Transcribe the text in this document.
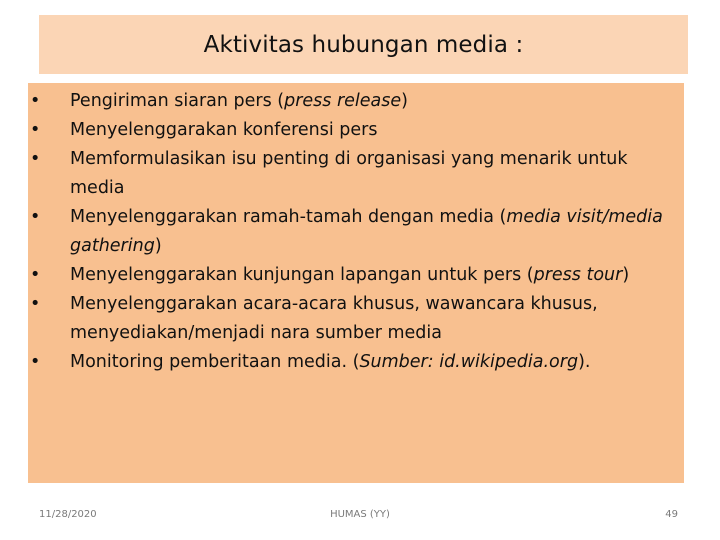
Aktivitas hubungan media :
•	Pengiriman siaran pers (press release)
•	Menyelenggarakan konferensi pers
•	Memformulasikan isu penting di organisasi yang menarik untuk media
•	Menyelenggarakan ramah-tamah dengan media (media visit/media gathering)
•	Menyelenggarakan kunjungan lapangan untuk pers (press tour)
•	Menyelenggarakan acara-acara khusus, wawancara khusus, menyediakan/menjadi nara sumber media
•	Monitoring pemberitaan media. (Sumber: id.wikipedia.org).
11/28/2020	HUMAS (YY)	49
